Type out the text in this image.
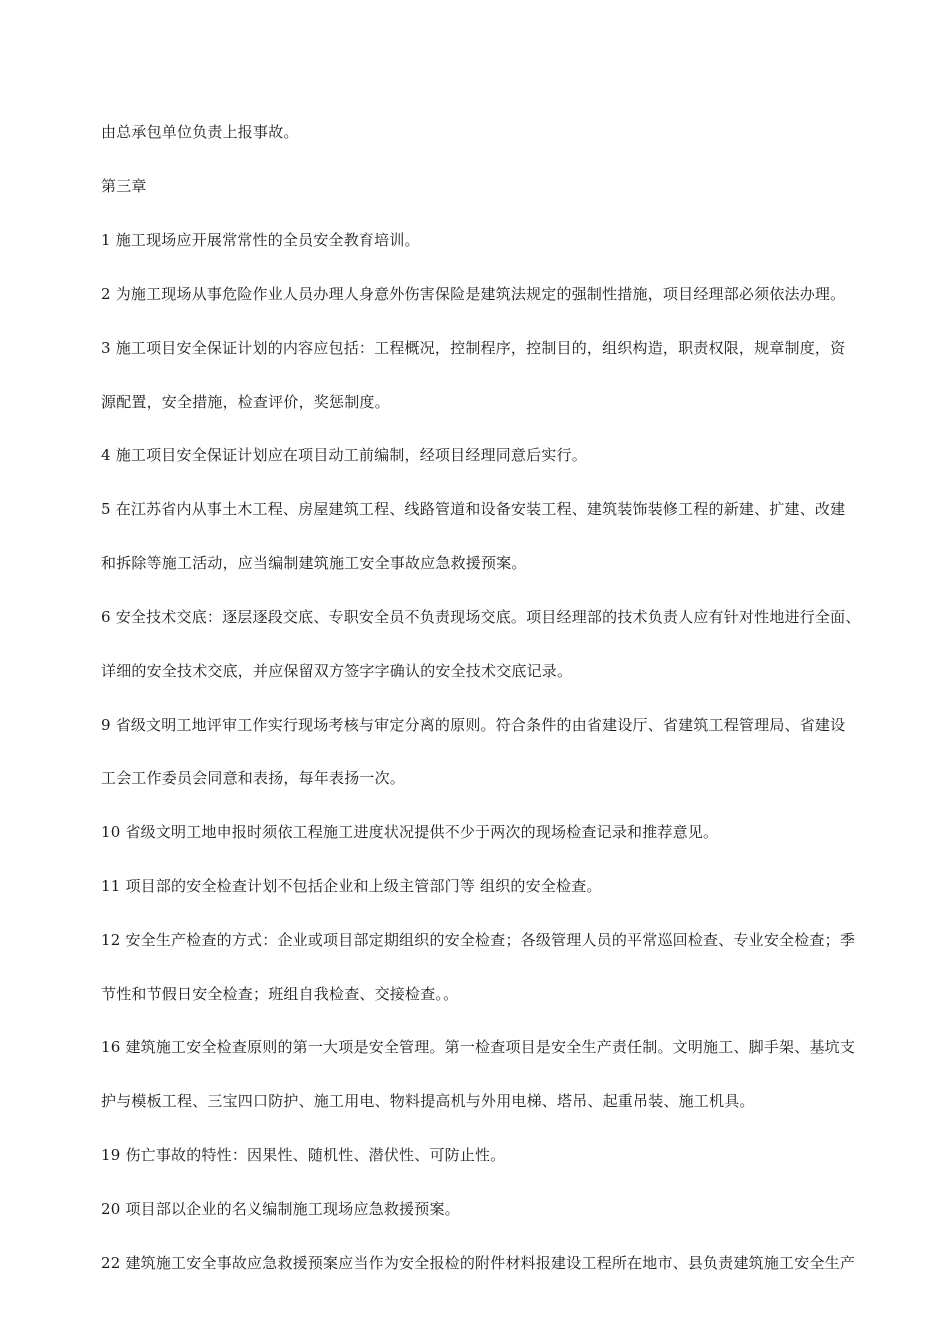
由总承包单位负责上报事故。
第三章
1 施工现场应开展常常性的全员安全教育培训。
2 为施工现场从事危险作业人员办理人身意外伤害保险是建筑法规定的强制性措施，项目经理部必须依法办理。
3 施工项目安全保证计划的内容应包括：工程概况，控制程序，控制目的，组织构造，职责权限，规章制度，资
源配置，安全措施，检查评价，奖惩制度。
4 施工项目安全保证计划应在项目动工前编制，经项目经理同意后实行。
5 在江苏省内从事土木工程、房屋建筑工程、线路管道和设备安装工程、建筑装饰装修工程的新建、扩建、改建
和拆除等施工活动，应当编制建筑施工安全事故应急救援预案。
6 安全技术交底：逐层逐段交底、专职安全员不负责现场交底。项目经理部的技术负责人应有针对性地进行全面、
详细的安全技术交底，并应保留双方签字字确认的安全技术交底记录。
9 省级文明工地评审工作实行现场考核与审定分离的原则。符合条件的由省建设厅、省建筑工程管理局、省建设
工会工作委员会同意和表扬，每年表扬一次。
10 省级文明工地申报时须依工程施工进度状况提供不少于两次的现场检查记录和推荐意见。
11 项目部的安全检查计划不包括企业和上级主管部门等 组织的安全检查。
12 安全生产检查的方式：企业或项目部定期组织的安全检查；各级管理人员的平常巡回检查、专业安全检查；季
节性和节假日安全检查；班组自我检查、交接检查。。
16 建筑施工安全检查原则的第一大项是安全管理。第一检查项目是安全生产责任制。文明施工、脚手架、基坑支
护与模板工程、三宝四口防护、施工用电、物料提高机与外用电梯、塔吊、起重吊装、施工机具。
19 伤亡事故的特性：因果性、随机性、潜伏性、可防止性。
20 项目部以企业的名义编制施工现场应急救援预案。
22 建筑施工安全事故应急救援预案应当作为安全报检的附件材料报建设工程所在地市、县负责建筑施工安全生产
